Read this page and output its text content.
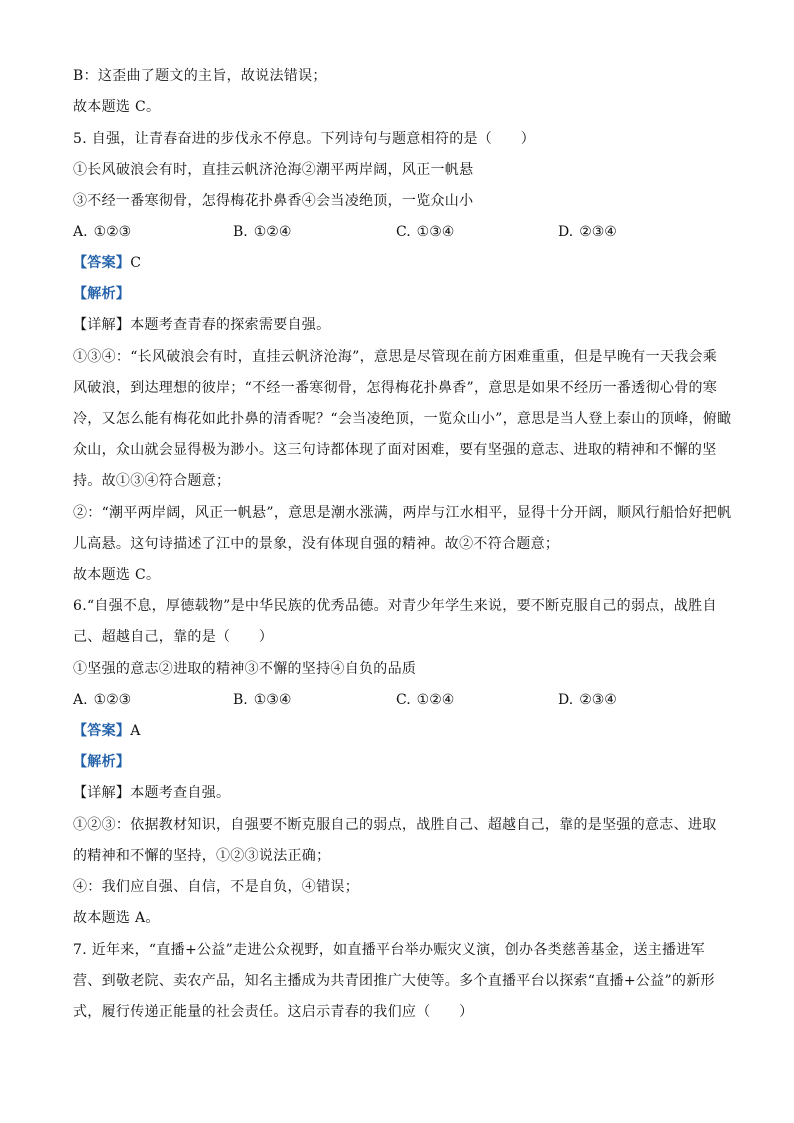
B：这歪曲了题文的主旨，故说法错误；
故本题选 C。
5. 自强，让青春奋进的步伐永不停息。下列诗句与题意相符的是（　　）
①长风破浪会有时，直挂云帆济沧海②潮平两岸阔，风正一帆悬
③不经一番寒彻骨，怎得梅花扑鼻香④会当凌绝顶，一览众山小
A. ①②③	B. ①②④	C. ①③④	D. ②③④
【答案】C
【解析】
【详解】本题考查青春的探索需要自强。
①③④：“长风破浪会有时，直挂云帆济沧海”，意思是尽管现在前方困难重重，但是早晚有一天我会乘
风破浪，到达理想的彼岸；“不经一番寒彻骨，怎得梅花扑鼻香”，意思是如果不经历一番透彻心骨的寒
冷，又怎么能有梅花如此扑鼻的清香呢？“会当凌绝顶，一览众山小”，意思是当人登上泰山的顶峰，俯瞰
众山，众山就会显得极为渺小。这三句诗都体现了面对困难，要有坚强的意志、进取的精神和不懈的坚
持。故①③④符合题意；
②：“潮平两岸阔，风正一帆悬”，意思是潮水涨满，两岸与江水相平，显得十分开阔，顺风行船恰好把帆
儿高悬。这句诗描述了江中的景象，没有体现自强的精神。故②不符合题意；
故本题选 C。
6.“自强不息，厚德载物”是中华民族的优秀品德。对青少年学生来说，要不断克服自己的弱点，战胜自
己、超越自己，靠的是（　　）
①坚强的意志②进取的精神③不懈的坚持④自负的品质
A. ①②③	B. ①③④	C. ①②④	D. ②③④
【答案】A
【解析】
【详解】本题考查自强。
①②③：依据教材知识，自强要不断克服自己的弱点，战胜自己、超越自己，靠的是坚强的意志、进取
的精神和不懈的坚持，①②③说法正确；
④：我们应自强、自信，不是自负，④错误；
故本题选 A。
7. 近年来，“直播+公益”走进公众视野，如直播平台举办赈灾义演，创办各类慈善基金，送主播进军
营、到敬老院、卖农产品，知名主播成为共青团推广大使等。多个直播平台以探索“直播+公益”的新形
式，履行传递正能量的社会责任。这启示青春的我们应（　　）
